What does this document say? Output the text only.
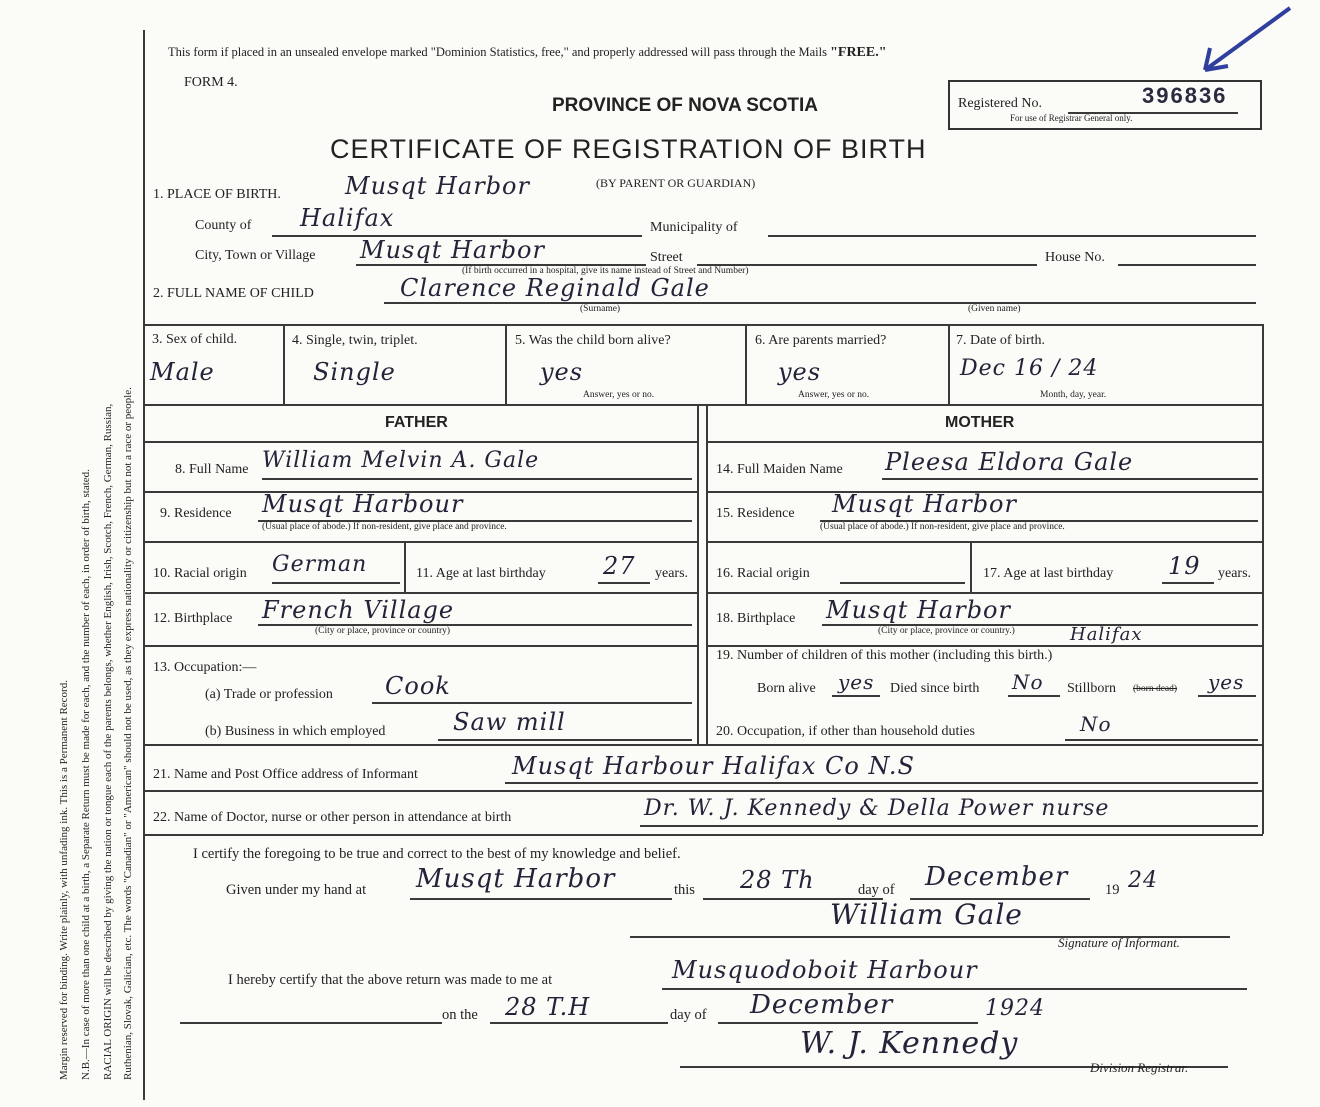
Margin reserved for binding. Write plainly, with unfading ink. This is a Permanent Record. N.B.—In case of more than one child at a birth, a Separate Return must be made for each, and the number of each, in order of birth, stated. RACIAL ORIGIN will be described by giving the nation or tongue each of the parents belongs, whether English, Irish, Scotch, French, German, Russian, Ruthenian, Slovak, Galician, etc. The words "Canadian" or "American" should not be used, as they express nationality or citizenship but not a race or people.
This form if placed in an unsealed envelope marked "Dominion Statistics, free," and properly addressed will pass through the Mails "FREE."
FORM 4.
PROVINCE OF NOVA SCOTIA
CERTIFICATE OF REGISTRATION OF BIRTH
(BY PARENT OR GUARDIAN)
Registered No.	396836
For use of Registrar General only.
1. PLACE OF BIRTH.	Musqt Harbor
County of Halifax	Municipality of
City, Town or Village Musqt Harbor	Street	House No.
(If birth occurred in a hospital, give its name instead of Street and Number)
2. FULL NAME OF CHILD	Clarence Reginald Gale
(Surname)	(Given name)
3. Sex of child.
Male
4. Single, twin, triplet.
Single
5. Was the child born alive?
yes
Answer, yes or no.
6. Are parents married?
yes
Answer, yes or no.
7. Date of birth.
Dec 16 / 24
Month, day, year.
FATHER	MOTHER
8. Full Name William Melvin A. Gale
9. Residence Musqt Harbour
(Usual place of abode.) If non-resident, give place and province.
10. Racial origin German	11. Age at last birthday 27 years.
12. Birthplace French Village
(City or place, province or country)
13. Occupation:—
(a) Trade or profession Cook
(b) Business in which employed	Saw mill
14. Full Maiden Name Pleesa Eldora Gale
15. Residence Musqt Harbor
(Usual place of abode.) If non-resident, give place and province.
16. Racial origin	17. Age at last birthday 19 years.
18. Birthplace Musqt Harbor
(City or place, province or country.)	Halifax
19. Number of children of this mother (including this birth.)
Born alive yes Died since birth No Stillborn (born dead) yes
20. Occupation, if other than household duties	No
21. Name and Post Office address of Informant	Musqt Harbour Halifax Co N.S
22. Name of Doctor, nurse or other person in attendance at birth	Dr. W. J. Kennedy & Della Power nurse
I certify the foregoing to be true and correct to the best of my knowledge and belief.
Given under my hand at Musqt Harbor	this 28 Th	day of December	19 24
William Gale
Signature of Informant.
I hereby certify that the above return was made to me at	Musquodoboit Harbour
on the 28 T.H	day of December	1924
W. J. Kennedy
Division Registrar.
